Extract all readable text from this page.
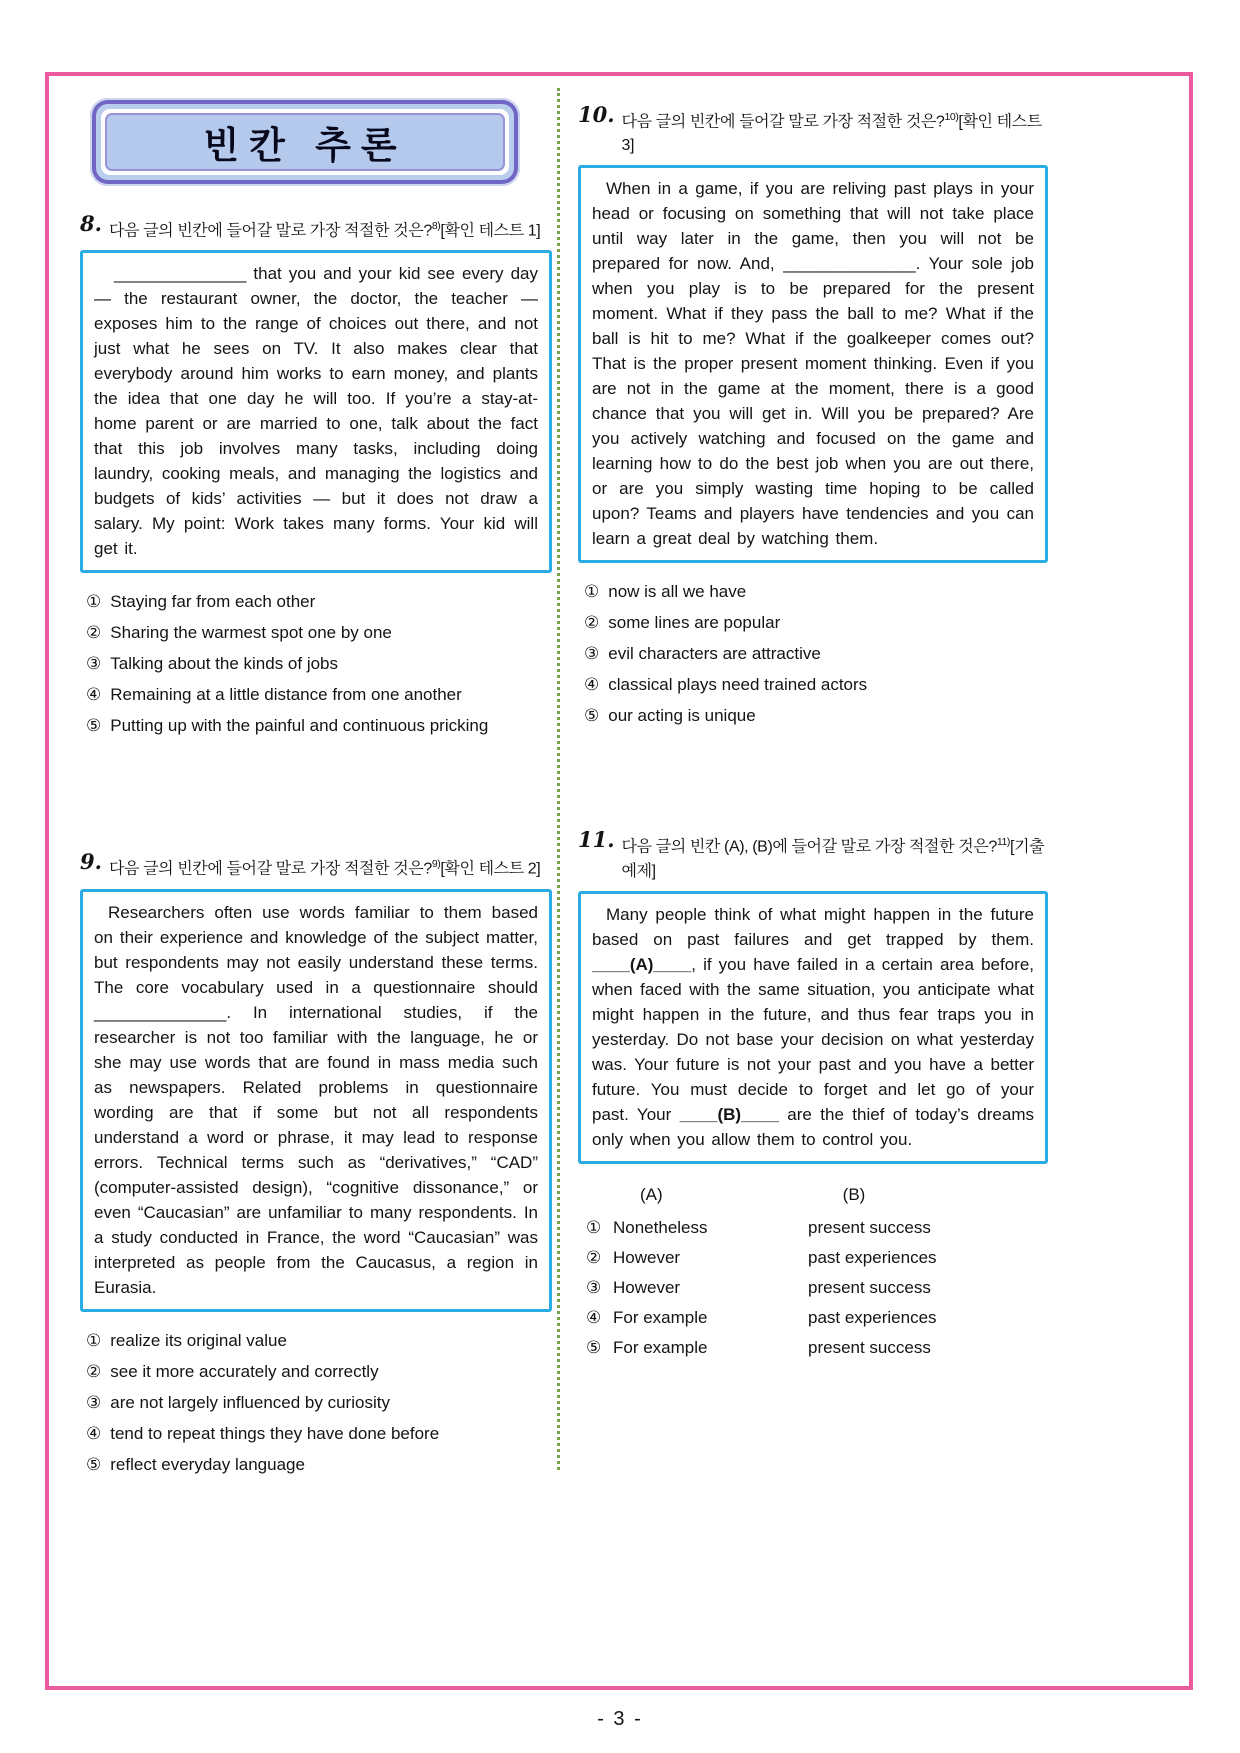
빈칸 추론
8. 다음 글의 빈칸에 들어갈 말로 가장 적절한 것은?$^{8)}$[확인 테스트 1]

______________ that you and your kid see every day — the restaurant owner, the doctor, the teacher — exposes him to the range of choices out there, and not just what he sees on TV. It also makes clear that everybody around him works to earn money, and plants the idea that one day he will too. If you’re a stay-at-home parent or are married to one, talk about the fact that this job involves many tasks, including doing laundry, cooking meals, and managing the logistics and budgets of kids’ activities — but it does not draw a salary. My point: Work takes many forms. Your kid will get it.

① Staying far from each other
② Sharing the warmest spot one by one
③ Talking about the kinds of jobs
④ Remaining at a little distance from one another
⑤ Putting up with the painful and continuous pricking
9. 다음 글의 빈칸에 들어갈 말로 가장 적절한 것은?$^{9)}$[확인 테스트 2]

Researchers often use words familiar to them based on their experience and knowledge of the subject matter, but respondents may not easily understand these terms. The core vocabulary used in a questionnaire should ______________. In international studies, if the researcher is not too familiar with the language, he or she may use words that are found in mass media such as newspapers. Related problems in questionnaire wording are that if some but not all respondents understand a word or phrase, it may lead to response errors. Technical terms such as “derivatives,” “CAD” (computer-assisted design), “cognitive dissonance,” or even “Caucasian” are unfamiliar to many respondents. In a study conducted in France, the word “Caucasian” was interpreted as people from the Caucasus, a region in Eurasia.

① realize its original value
② see it more accurately and correctly
③ are not largely influenced by curiosity
④ tend to repeat things they have done before
⑤ reflect everyday language
10. 다음 글의 빈칸에 들어갈 말로 가장 적절한 것은?$^{10)}$[확인 테스트 3]

When in a game, if you are reliving past plays in your head or focusing on something that will not take place until way later in the game, then you will not be prepared for now. And, ______________. Your sole job when you play is to be prepared for the present moment. What if they pass the ball to me? What if the ball is hit to me? What if the goalkeeper comes out? That is the proper present moment thinking. Even if you are not in the game at the moment, there is a good chance that you will get in. Will you be prepared? Are you actively watching and focused on the game and learning how to do the best job when you are out there, or are you simply wasting time hoping to be called upon? Teams and players have tendencies and you can learn a great deal by watching them.

① now is all we have
② some lines are popular
③ evil characters are attractive
④ classical plays need trained actors
⑤ our acting is unique
11. 다음 글의 빈칸 (A), (B)에 들어갈 말로 가장 적절한 것은?$^{11)}$[기출예제]

Many people think of what might happen in the future based on past failures and get trapped by them. ____(A)____, if you have failed in a certain area before, when faced with the same situation, you anticipate what might happen in the future, and thus fear traps you in yesterday. Do not base your decision on what yesterday was. Your future is not your past and you have a better future. You must decide to forget and let go of your past. Your ____(B)____ are the thief of today’s dreams only when you allow them to control you.

(A)	(B)
① Nonetheless	present success
② However	past experiences
③ However	present success
④ For example	past experiences
⑤ For example	present success
- 3 -
